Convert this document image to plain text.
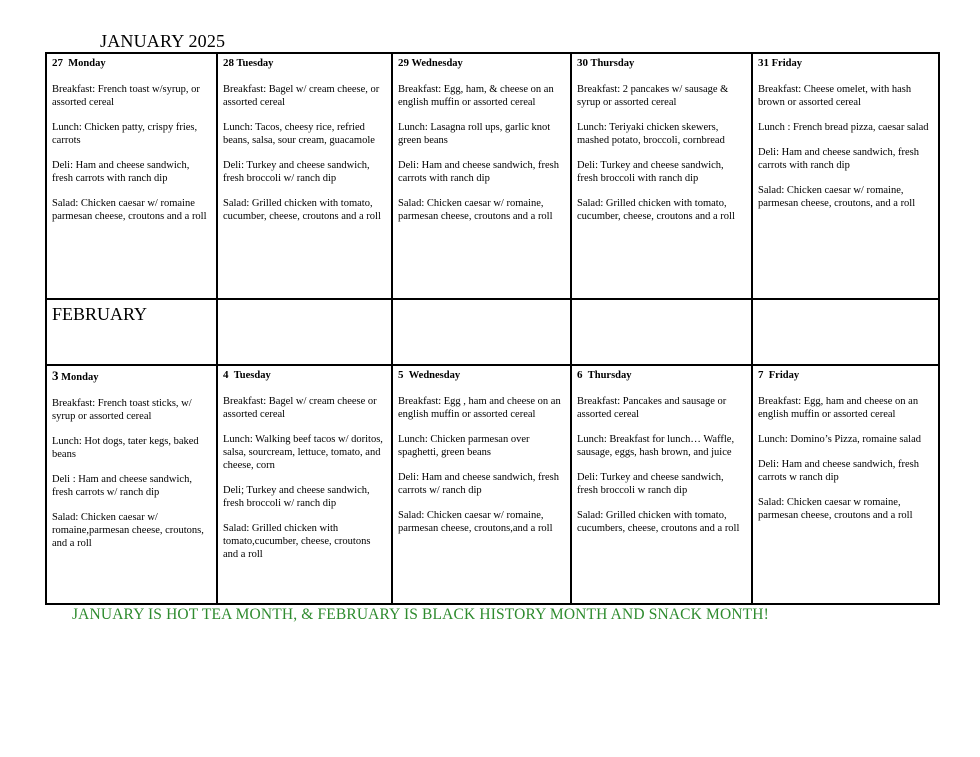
JANUARY 2025
27 Monday
Breakfast: French toast w/syrup, or assorted cereal
Lunch: Chicken patty, crispy fries, carrots
Deli: Ham and cheese sandwich, fresh carrots with ranch dip
Salad: Chicken caesar w/ romaine parmesan cheese, croutons and a roll
28 Tuesday
Breakfast: Bagel w/ cream cheese, or assorted cereal
Lunch: Tacos, cheesy rice, refried beans, salsa, sour cream, guacamole
Deli: Turkey and cheese sandwich, fresh broccoli w/ ranch dip
Salad: Grilled chicken with tomato, cucumber, cheese, croutons and a roll
29 Wednesday
Breakfast: Egg, ham, & cheese on an english muffin or assorted cereal
Lunch: Lasagna roll ups, garlic knot green beans
Deli: Ham and cheese sandwich, fresh carrots with ranch dip
Salad: Chicken caesar w/ romaine, parmesan cheese, croutons and a roll
30 Thursday
Breakfast: 2 pancakes w/ sausage & syrup or assorted cereal
Lunch: Teriyaki chicken skewers, mashed potato, broccoli, cornbread
Deli: Turkey and cheese sandwich, fresh broccoli with ranch dip
Salad: Grilled chicken with tomato, cucumber, cheese, croutons and a roll
31 Friday
Breakfast: Cheese omelet, with hash brown or assorted cereal
Lunch : French bread pizza, caesar salad
Deli: Ham and cheese sandwich, fresh carrots with ranch dip
Salad: Chicken caesar w/ romaine, parmesan cheese, croutons, and a roll
FEBRUARY
3 Monday
Breakfast: French toast sticks, w/ syrup or assorted cereal
Lunch: Hot dogs, tater kegs, baked beans
Deli : Ham and cheese sandwich, fresh carrots w/ ranch dip
Salad: Chicken caesar w/ romaine,parmesan cheese, croutons, and a roll
4 Tuesday
Breakfast: Bagel w/ cream cheese or assorted cereal
Lunch: Walking beef tacos w/ doritos, salsa, sourcream, lettuce, tomato, and cheese, corn
Deli; Turkey and cheese sandwich, fresh broccoli w/ ranch dip
Salad: Grilled chicken with tomato,cucumber, cheese, croutons and a roll
5 Wednesday
Breakfast: Egg , ham and cheese on an english muffin or assorted cereal
Lunch: Chicken parmesan over spaghetti, green beans
Deli: Ham and cheese sandwich, fresh carrots w/ ranch dip
Salad: Chicken caesar w/ romaine, parmesan cheese, croutons,and a roll
6 Thursday
Breakfast: Pancakes and sausage or assorted cereal
Lunch: Breakfast for lunch… Waffle, sausage, eggs, hash brown, and juice
Deli: Turkey and cheese sandwich, fresh broccoli w ranch dip
Salad: Grilled chicken with tomato, cucumbers, cheese, croutons and a roll
7 Friday
Breakfast: Egg, ham and cheese on an english muffin or assorted cereal
Lunch: Domino’s Pizza, romaine salad
Deli: Ham and cheese sandwich, fresh carrots w ranch dip
Salad: Chicken caesar w romaine, parmesan cheese, croutons and a roll
JANUARY IS HOT TEA MONTH, & FEBRUARY IS BLACK HISTORY MONTH AND SNACK MONTH!
